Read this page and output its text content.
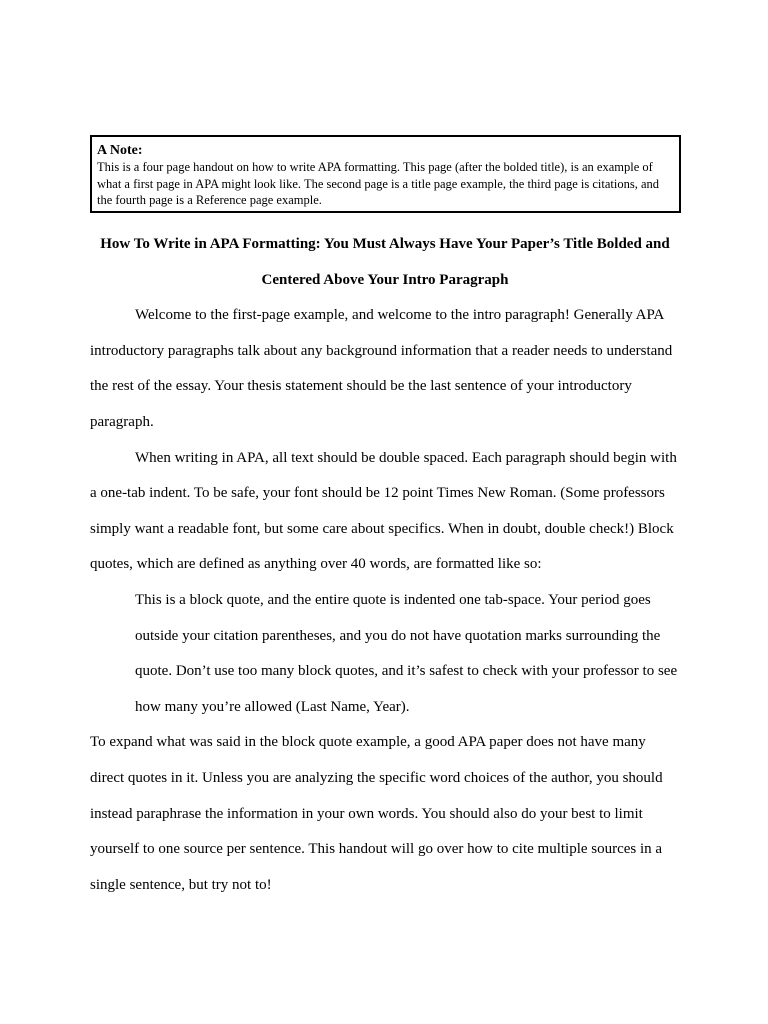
A Note:

This is a four page handout on how to write APA formatting. This page (after the bolded title), is an example of what a first page in APA might look like. The second page is a title page example, the third page is citations, and the fourth page is a Reference page example.

How To Write in APA Formatting: You Must Always Have Your Paper’s Title Bolded and Centered Above Your Intro Paragraph

Welcome to the first-page example, and welcome to the intro paragraph! Generally APA introductory paragraphs talk about any background information that a reader needs to understand the rest of the essay. Your thesis statement should be the last sentence of your introductory paragraph.

When writing in APA, all text should be double spaced. Each paragraph should begin with a one-tab indent. To be safe, your font should be 12 point Times New Roman. (Some professors simply want a readable font, but some care about specifics. When in doubt, double check!) Block quotes, which are defined as anything over 40 words, are formatted like so:

This is a block quote, and the entire quote is indented one tab-space. Your period goes outside your citation parentheses, and you do not have quotation marks surrounding the quote. Don’t use too many block quotes, and it’s safest to check with your professor to see how many you’re allowed (Last Name, Year).

To expand what was said in the block quote example, a good APA paper does not have many direct quotes in it. Unless you are analyzing the specific word choices of the author, you should instead paraphrase the information in your own words. You should also do your best to limit yourself to one source per sentence. This handout will go over how to cite multiple sources in a single sentence, but try not to!
